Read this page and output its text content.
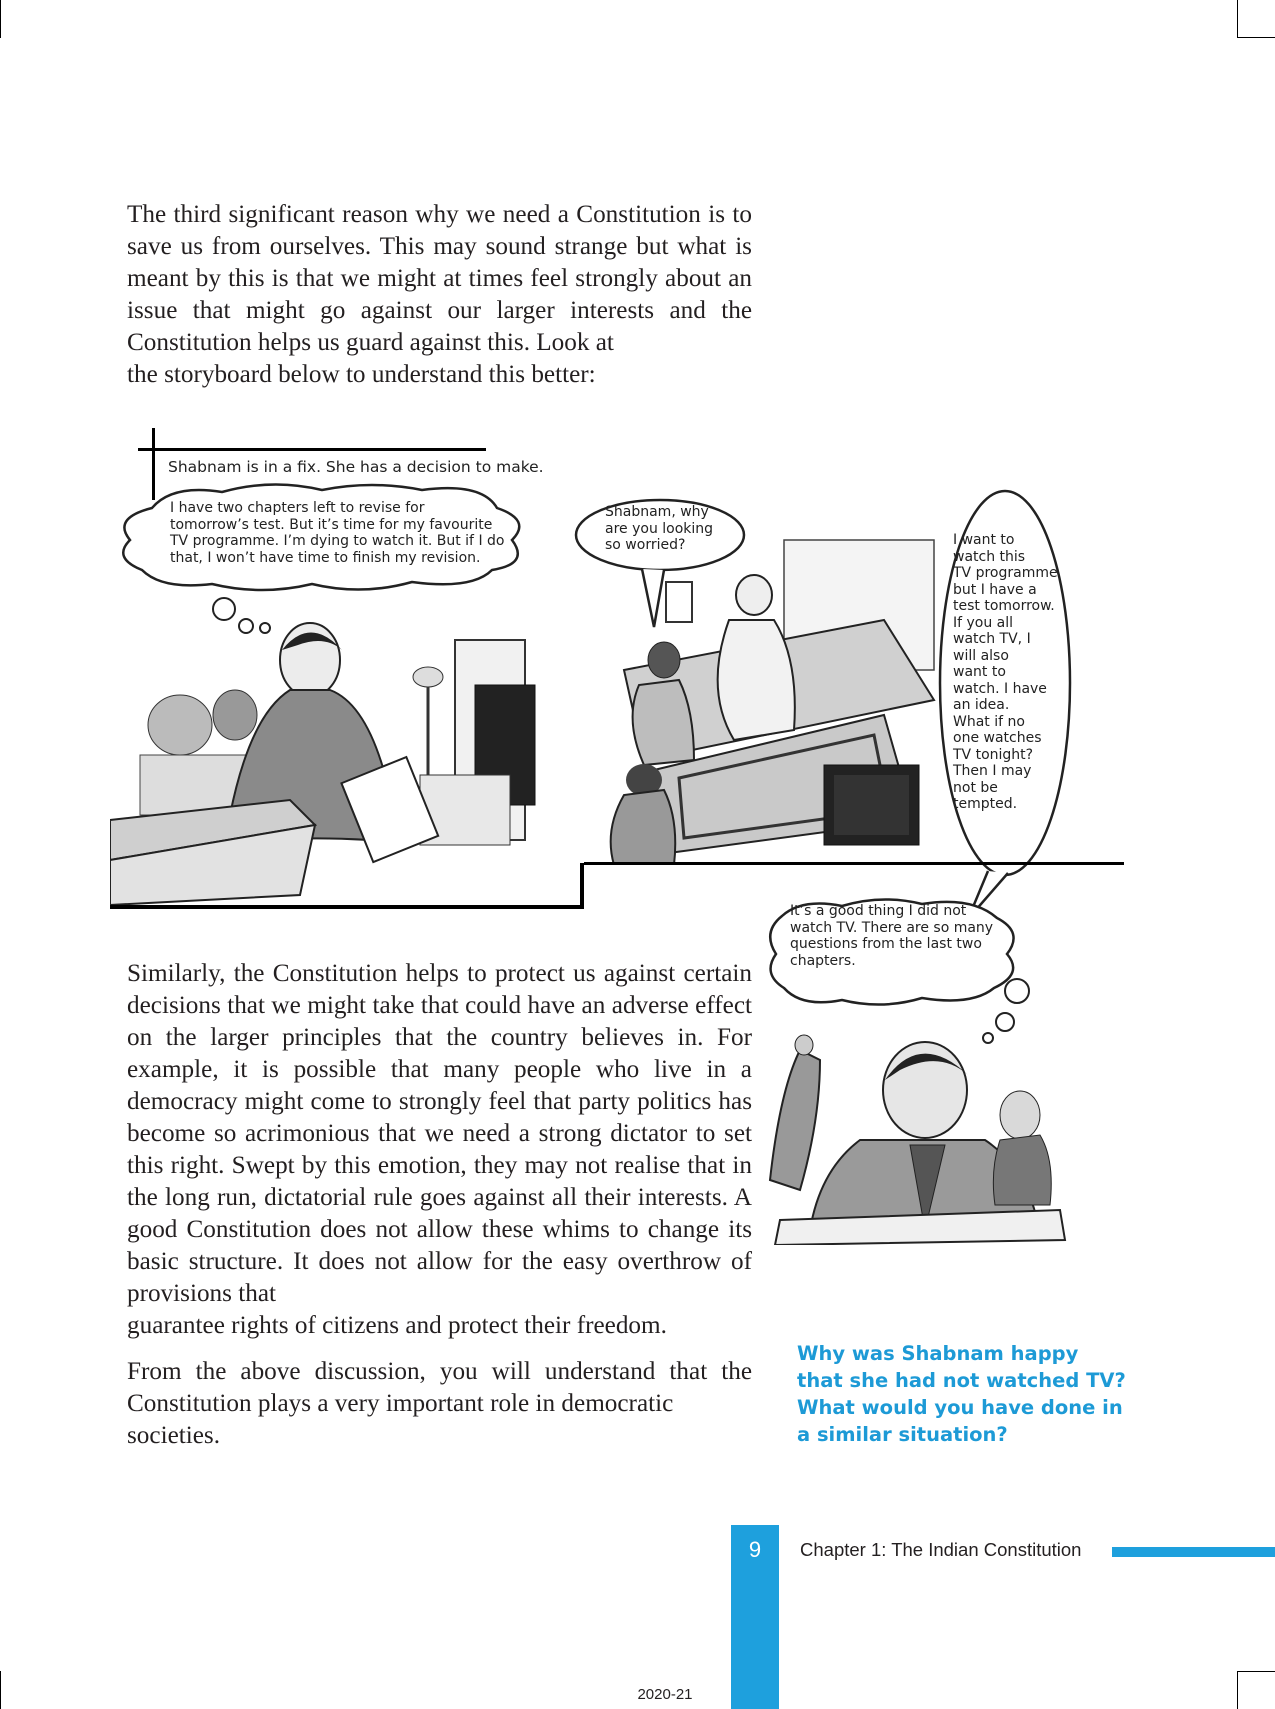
The third significant reason why we need a Constitution is to save us from ourselves. This may sound strange but what is meant by this is that we might at times feel strongly about an issue that might go against our larger interests and the Constitution helps us guard against this. Look at
the storyboard below to understand this better:

Shabnam is in a fix. She has a decision to make.
I have two chapters left to revise for
tomorrow’s test. But it’s time for my favourite
TV programme. I’m dying to watch it. But if I do
that, I won’t have time to finish my revision.
Shabnam, why
are you looking
so worried?	I want to
watch this
TV programme
but I have a
test tomorrow.
If you all
watch TV, I
will also
want to
watch. I have
an idea.
What if no
one watches
TV tonight?
Then I may
not be
tempted.
It’s a good thing I did not
watch TV. There are so many
questions from the last two
chapters.

Similarly, the Constitution helps to protect us against certain decisions that we might take that could have an adverse effect on the larger principles that the country believes in. For example, it is possible that many people who live in a democracy might come to strongly feel that party politics has become so acrimonious that we need a strong dictator to set this right. Swept by this emotion, they may not realise that in the long run, dictatorial rule goes against all their interests. A good Constitution does not allow these whims to change its basic structure. It does not allow for the easy overthrow of provisions that
guarantee rights of citizens and protect their freedom.

From the above discussion, you will understand that the Constitution plays a very important role in democratic
societies.

Why was Shabnam happy that she had not watched TV? What would you have done in a similar situation?

9	Chapter 1: The Indian Constitution
2020-21
